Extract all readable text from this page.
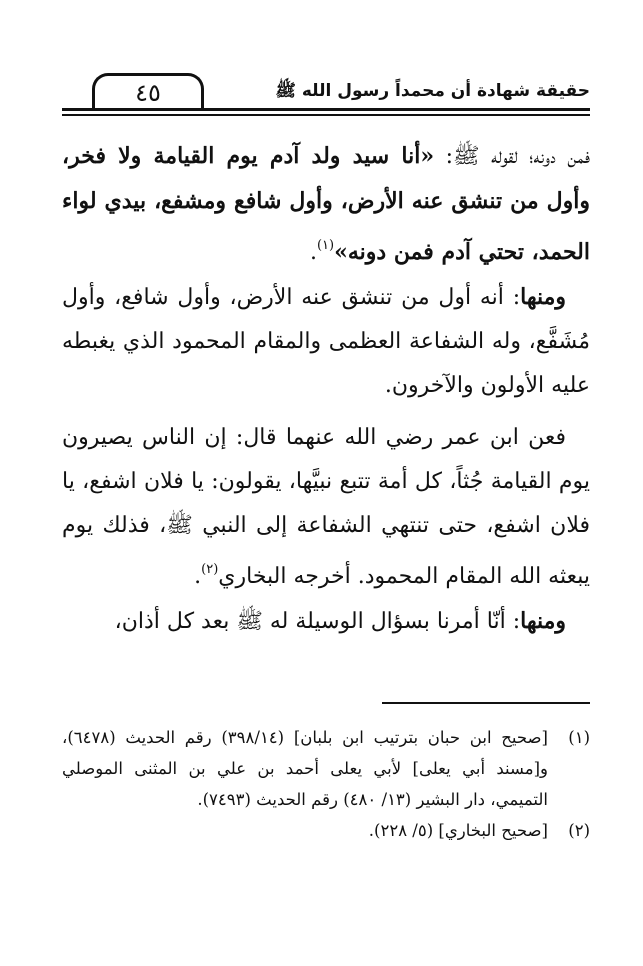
حقيقة شهادة أن محمداً رسول الله ﷺ
٤٥

فمن دونه؛ لقوله ﷺ: «أنا سيد ولد آدم يوم القيامة ولا فخر، وأول من تنشق عنه الأرض، وأول شافع ومشفع، بيدي لواء الحمد، تحتي آدم فمن دونه»$^{(١)}$.

ومنها: أنه أول من تنشق عنه الأرض، وأول شافع، وأول مُشَفَّع، وله الشفاعة العظمى والمقام المحمود الذي يغبطه عليه الأولون والآخرون.

فعن ابن عمر رضي الله عنهما قال: إن الناس يصيرون يوم القيامة جُثاً، كل أمة تتبع نبيَّها، يقولون: يا فلان اشفع، يا فلان اشفع، حتى تنتهي الشفاعة إلى النبي ﷺ، فذلك يوم يبعثه الله المقام المحمود. أخرجه البخاري$^{(٢)}$.

ومنها: أنّا أمرنا بسؤال الوسيلة له ﷺ بعد كل أذان،

(١)
[صحيح ابن حبان بترتيب ابن بلبان] (٣٩٨/١٤) رقم الحديث (٦٤٧٨)، و[مسند أبي يعلى] لأبي يعلى أحمد بن علي بن المثنى الموصلي التميمي، دار البشير (١٣/ ٤٨٠) رقم الحديث (٧٤٩٣).
(٢)
[صحيح البخاري] (٥/ ٢٢٨).
